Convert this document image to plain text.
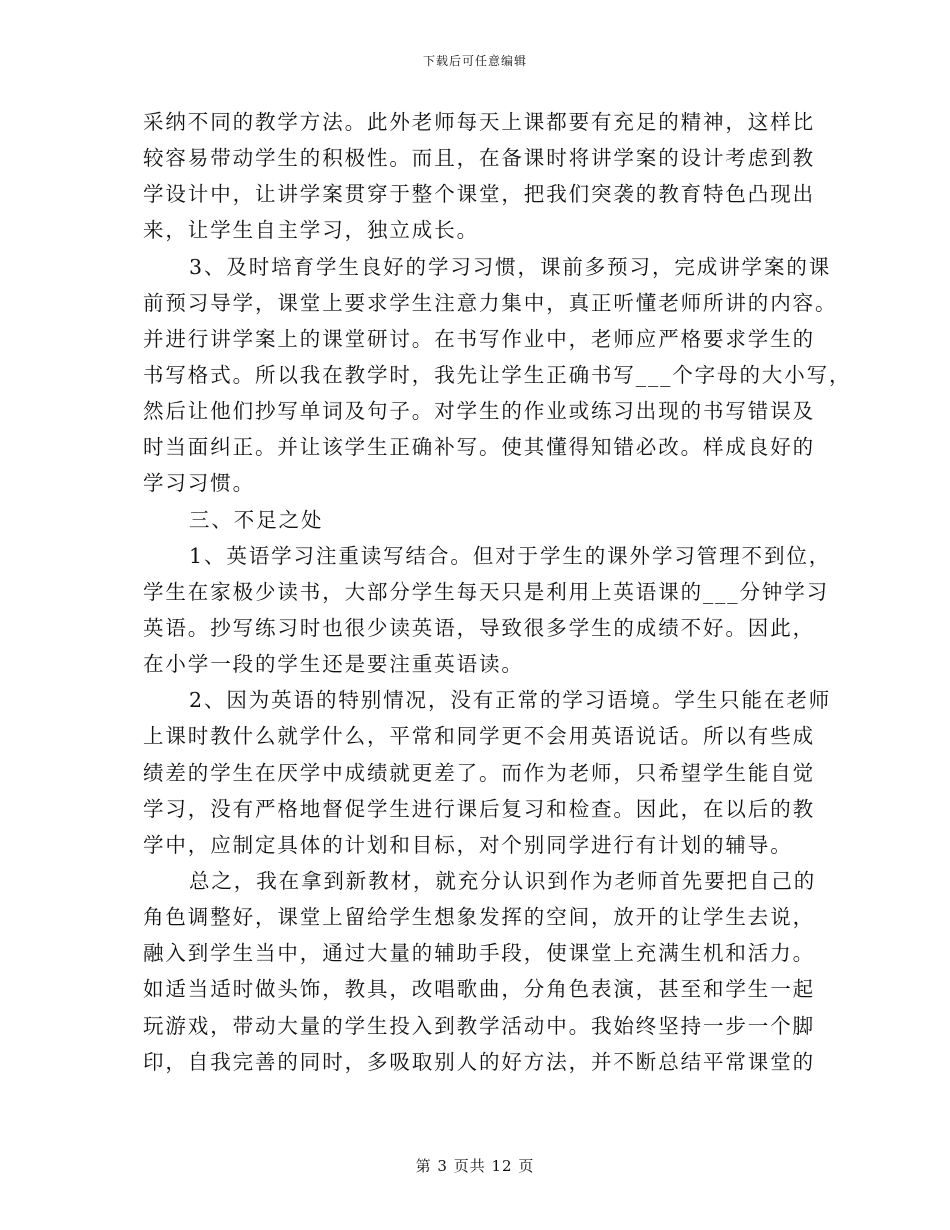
下载后可任意编辑
采纳不同的教学方法。此外老师每天上课都要有充足的精神，这样比
较容易带动学生的积极性。而且，在备课时将讲学案的设计考虑到教
学设计中，让讲学案贯穿于整个课堂，把我们突袭的教育特色凸现出
来，让学生自主学习，独立成长。
3、及时培育学生良好的学习习惯，课前多预习，完成讲学案的课
前预习导学，课堂上要求学生注意力集中，真正听懂老师所讲的内容。
并进行讲学案上的课堂研讨。在书写作业中，老师应严格要求学生的
书写格式。所以我在教学时，我先让学生正确书写___个字母的大小写，
然后让他们抄写单词及句子。对学生的作业或练习出现的书写错误及
时当面纠正。并让该学生正确补写。使其懂得知错必改。样成良好的
学习习惯。
三、不足之处
1、英语学习注重读写结合。但对于学生的课外学习管理不到位，
学生在家极少读书，大部分学生每天只是利用上英语课的___分钟学习
英语。抄写练习时也很少读英语，导致很多学生的成绩不好。因此，
在小学一段的学生还是要注重英语读。
2、因为英语的特别情况，没有正常的学习语境。学生只能在老师
上课时教什么就学什么，平常和同学更不会用英语说话。所以有些成
绩差的学生在厌学中成绩就更差了。而作为老师，只希望学生能自觉
学习，没有严格地督促学生进行课后复习和检查。因此，在以后的教
学中，应制定具体的计划和目标，对个别同学进行有计划的辅导。
总之，我在拿到新教材，就充分认识到作为老师首先要把自己的
角色调整好，课堂上留给学生想象发挥的空间，放开的让学生去说，
融入到学生当中，通过大量的辅助手段，使课堂上充满生机和活力。
如适当适时做头饰，教具，改唱歌曲，分角色表演，甚至和学生一起
玩游戏，带动大量的学生投入到教学活动中。我始终坚持一步一个脚
印，自我完善的同时，多吸取别人的好方法，并不断总结平常课堂的
第 3 页共 12 页
